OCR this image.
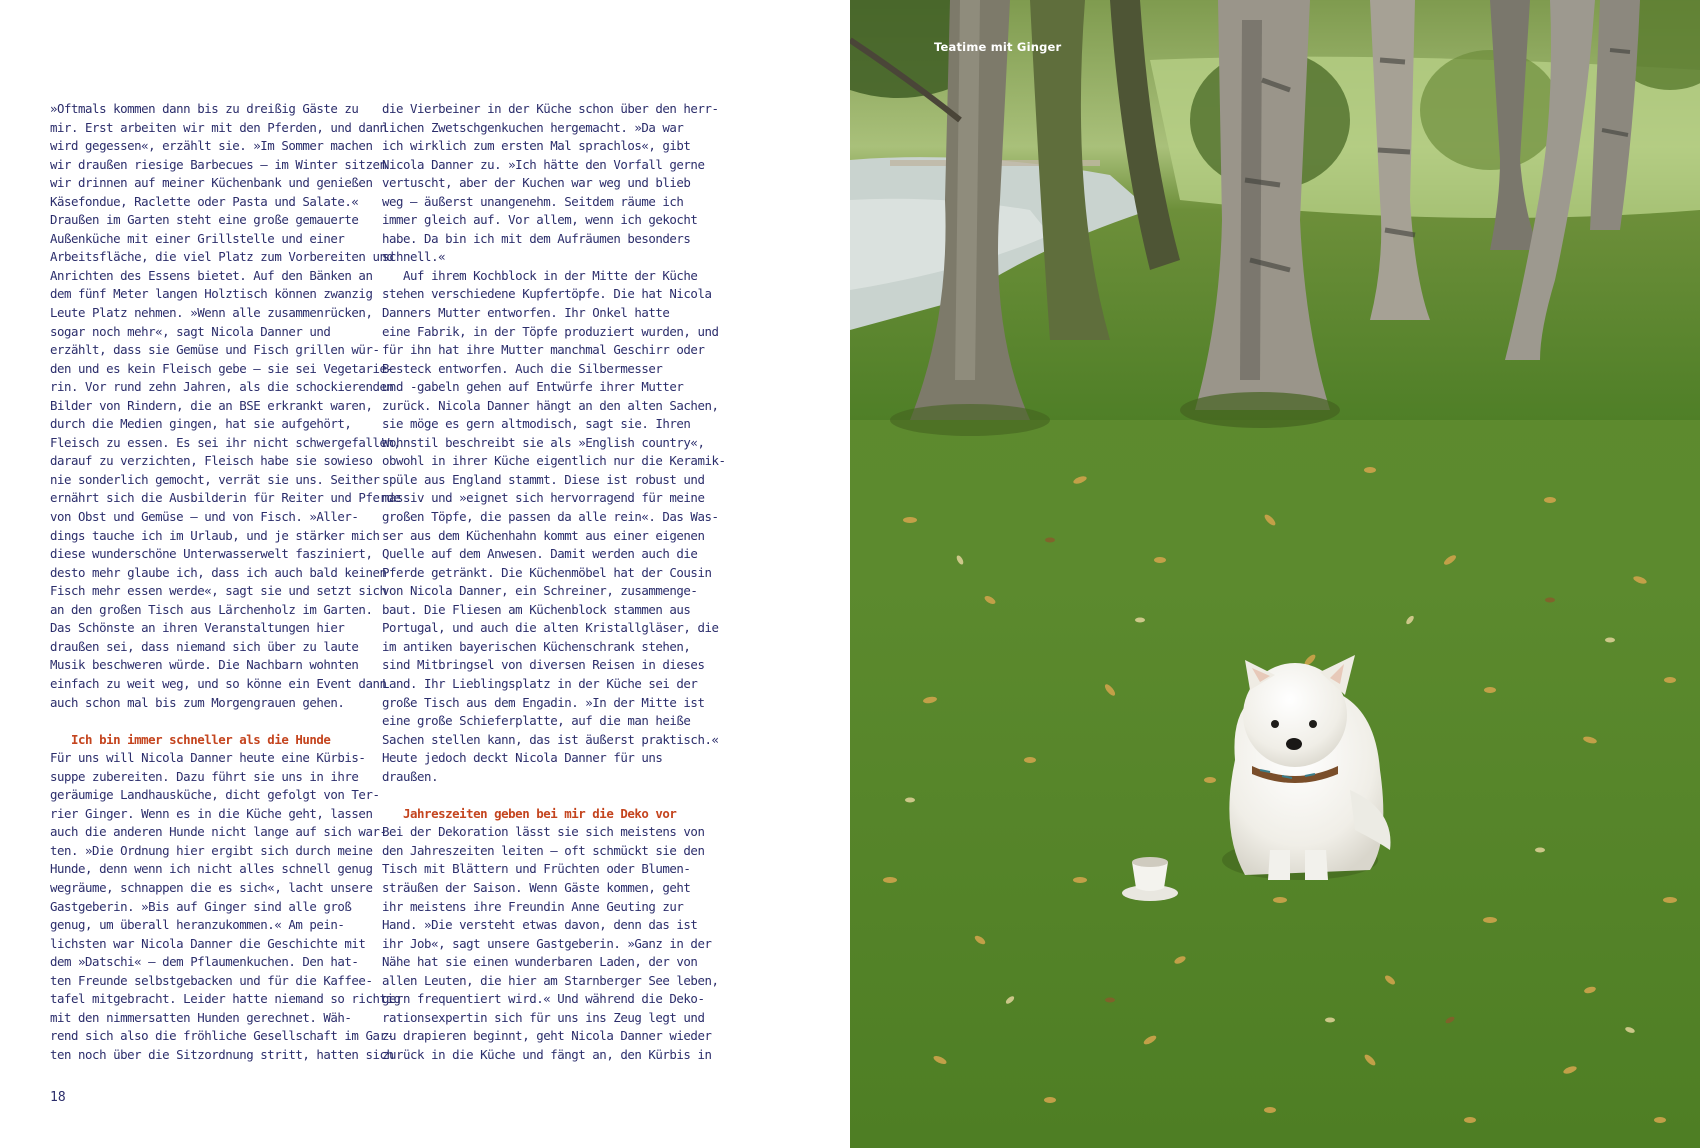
»Oftmals kommen dann bis zu dreißig Gäste zu
mir. Erst arbeiten wir mit den Pferden, und dann
wird gegessen«, erzählt sie. »Im Sommer machen
wir draußen riesige Barbecues – im Winter sitzen
wir drinnen auf meiner Küchenbank und genießen
Käsefondue, Raclette oder Pasta und Salate.«
Draußen im Garten steht eine große gemauerte
Außenküche mit einer Grillstelle und einer
Arbeitsfläche, die viel Platz zum Vorbereiten und
Anrichten des Essens bietet. Auf den Bänken an
dem fünf Meter langen Holztisch können zwanzig
Leute Platz nehmen. »Wenn alle zusammenrücken,
sogar noch mehr«, sagt Nicola Danner und
erzählt, dass sie Gemüse und Fisch grillen wür-
den und es kein Fleisch gebe – sie sei Vegetarie-
rin. Vor rund zehn Jahren, als die schockierenden
Bilder von Rindern, die an BSE erkrankt waren,
durch die Medien gingen, hat sie aufgehört,
Fleisch zu essen. Es sei ihr nicht schwergefallen,
darauf zu verzichten, Fleisch habe sie sowieso
nie sonderlich gemocht, verrät sie uns. Seither
ernährt sich die Ausbilderin für Reiter und Pferde
von Obst und Gemüse – und von Fisch. »Aller-
dings tauche ich im Urlaub, und je stärker mich
diese wunderschöne Unterwasserwelt fasziniert,
desto mehr glaube ich, dass ich auch bald keinen
Fisch mehr essen werde«, sagt sie und setzt sich
an den großen Tisch aus Lärchenholz im Garten.
Das Schönste an ihren Veranstaltungen hier
draußen sei, dass niemand sich über zu laute
Musik beschweren würde. Die Nachbarn wohnten
einfach zu weit weg, und so könne ein Event dann
auch schon mal bis zum Morgengrauen gehen.
Ich bin immer schneller als die Hunde
Für uns will Nicola Danner heute eine Kürbis-
suppe zubereiten. Dazu führt sie uns in ihre
geräumige Landhausküche, dicht gefolgt von Ter-
rier Ginger. Wenn es in die Küche geht, lassen
auch die anderen Hunde nicht lange auf sich war-
ten. »Die Ordnung hier ergibt sich durch meine
Hunde, denn wenn ich nicht alles schnell genug
wegräume, schnappen die es sich«, lacht unsere
Gastgeberin. »Bis auf Ginger sind alle groß
genug, um überall heranzukommen.« Am pein-
lichsten war Nicola Danner die Geschichte mit
dem »Datschi« – dem Pflaumenkuchen. Den hat-
ten Freunde selbstgebacken und für die Kaffee-
tafel mitgebracht. Leider hatte niemand so richtig
mit den nimmersatten Hunden gerechnet. Wäh-
rend sich also die fröhliche Gesellschaft im Gar-
ten noch über die Sitzordnung stritt, hatten sich

die Vierbeiner in der Küche schon über den herr-
lichen Zwetschgenkuchen hergemacht. »Da war
ich wirklich zum ersten Mal sprachlos«, gibt
Nicola Danner zu. »Ich hätte den Vorfall gerne
vertuscht, aber der Kuchen war weg und blieb
weg – äußerst unangenehm. Seitdem räume ich
immer gleich auf. Vor allem, wenn ich gekocht
habe. Da bin ich mit dem Aufräumen besonders
schnell.«
Auf ihrem Kochblock in der Mitte der Küche
stehen verschiedene Kupfertöpfe. Die hat Nicola
Danners Mutter entworfen. Ihr Onkel hatte
eine Fabrik, in der Töpfe produziert wurden, und
für ihn hat ihre Mutter manchmal Geschirr oder
Besteck entworfen. Auch die Silbermesser
und -gabeln gehen auf Entwürfe ihrer Mutter
zurück. Nicola Danner hängt an den alten Sachen,
sie möge es gern altmodisch, sagt sie. Ihren
Wohnstil beschreibt sie als »English country«,
obwohl in ihrer Küche eigentlich nur die Keramik-
spüle aus England stammt. Diese ist robust und
massiv und »eignet sich hervorragend für meine
großen Töpfe, die passen da alle rein«. Das Was-
ser aus dem Küchenhahn kommt aus einer eigenen
Quelle auf dem Anwesen. Damit werden auch die
Pferde getränkt. Die Küchenmöbel hat der Cousin
von Nicola Danner, ein Schreiner, zusammenge-
baut. Die Fliesen am Küchenblock stammen aus
Portugal, und auch die alten Kristallgläser, die
im antiken bayerischen Küchenschrank stehen,
sind Mitbringsel von diversen Reisen in dieses
Land. Ihr Lieblingsplatz in der Küche sei der
große Tisch aus dem Engadin. »In der Mitte ist
eine große Schieferplatte, auf die man heiße
Sachen stellen kann, das ist äußerst praktisch.«
Heute jedoch deckt Nicola Danner für uns
draußen.
Jahreszeiten geben bei mir die Deko vor
Bei der Dekoration lässt sie sich meistens von
den Jahreszeiten leiten – oft schmückt sie den
Tisch mit Blättern und Früchten oder Blumen-
sträußen der Saison. Wenn Gäste kommen, geht
ihr meistens ihre Freundin Anne Geuting zur
Hand. »Die versteht etwas davon, denn das ist
ihr Job«, sagt unsere Gastgeberin. »Ganz in der
Nähe hat sie einen wunderbaren Laden, der von
allen Leuten, die hier am Starnberger See leben,
gern frequentiert wird.« Und während die Deko-
rationsexpertin sich für uns ins Zeug legt und
zu drapieren beginnt, geht Nicola Danner wieder
zurück in die Küche und fängt an, den Kürbis in

18

Teatime mit Ginger
